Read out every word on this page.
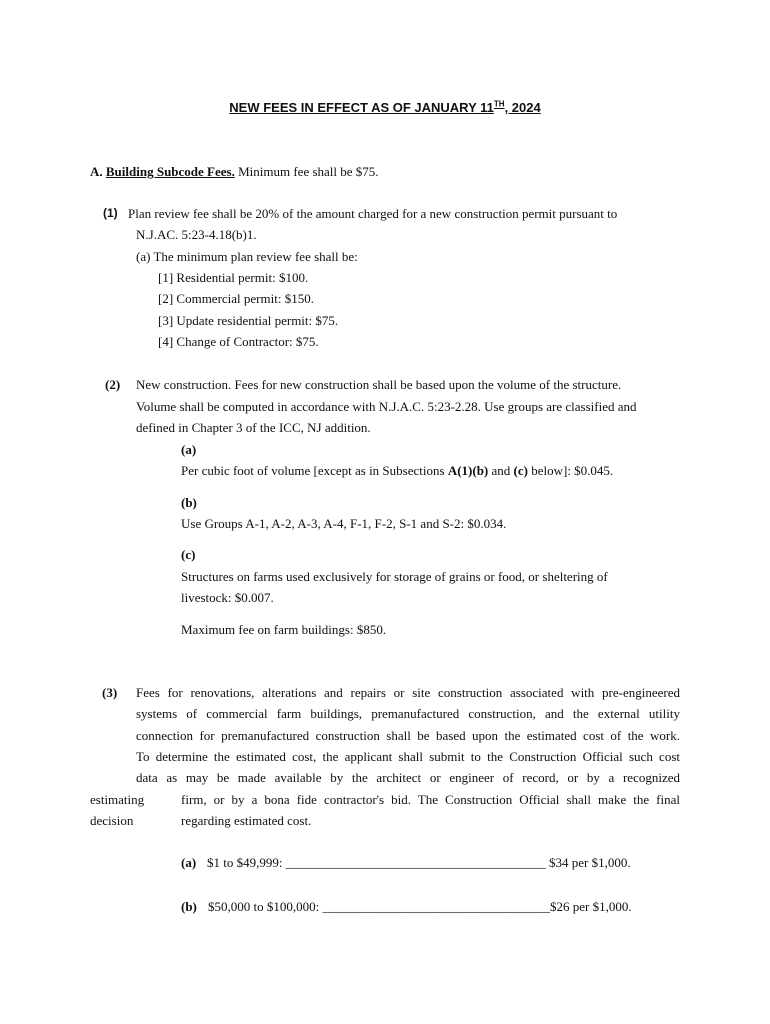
NEW FEES IN EFFECT AS OF JANUARY 11TH, 2024
A. Building Subcode Fees. Minimum fee shall be $75.
(1) Plan review fee shall be 20% of the amount charged for a new construction permit pursuant to
N.J.AC. 5:23-4.18(b)1.
(a) The minimum plan review fee shall be:
[1] Residential permit: $100.
[2] Commercial permit: $150.
[3] Update residential permit: $75.
[4] Change of Contractor: $75.
(2) New construction. Fees for new construction shall be based upon the volume of the structure.
Volume shall be computed in accordance with N.J.A.C. 5:23-2.28. Use groups are classified and
defined in Chapter 3 of the ICC, NJ addition.
(a)
Per cubic foot of volume [except as in Subsections A(1)(b) and (c) below]: $0.045.
(b)
Use Groups A-1, A-2, A-3, A-4, F-1, F-2, S-1 and S-2: $0.034.
(c)
Structures on farms used exclusively for storage of grains or food, or sheltering of
livestock: $0.007.
Maximum fee on farm buildings: $850.
(3) Fees for renovations, alterations and repairs or site construction associated with pre-engineered
systems of commercial farm buildings, premanufactured construction, and the external utility
connection for premanufactured construction shall be based upon the estimated cost of the work.
To determine the estimated cost, the applicant shall submit to the Construction Official such cost
data as may be made available by the architect or engineer of record, or by a recognized
estimating	firm, or by a bona fide contractor's bid. The Construction Official shall make the final
decision	regarding estimated cost.
(a) $1 to $49,999: ________________________________________ $34 per $1,000.
(b) $50,000 to $100,000: ___________________________________$26 per $1,000.
